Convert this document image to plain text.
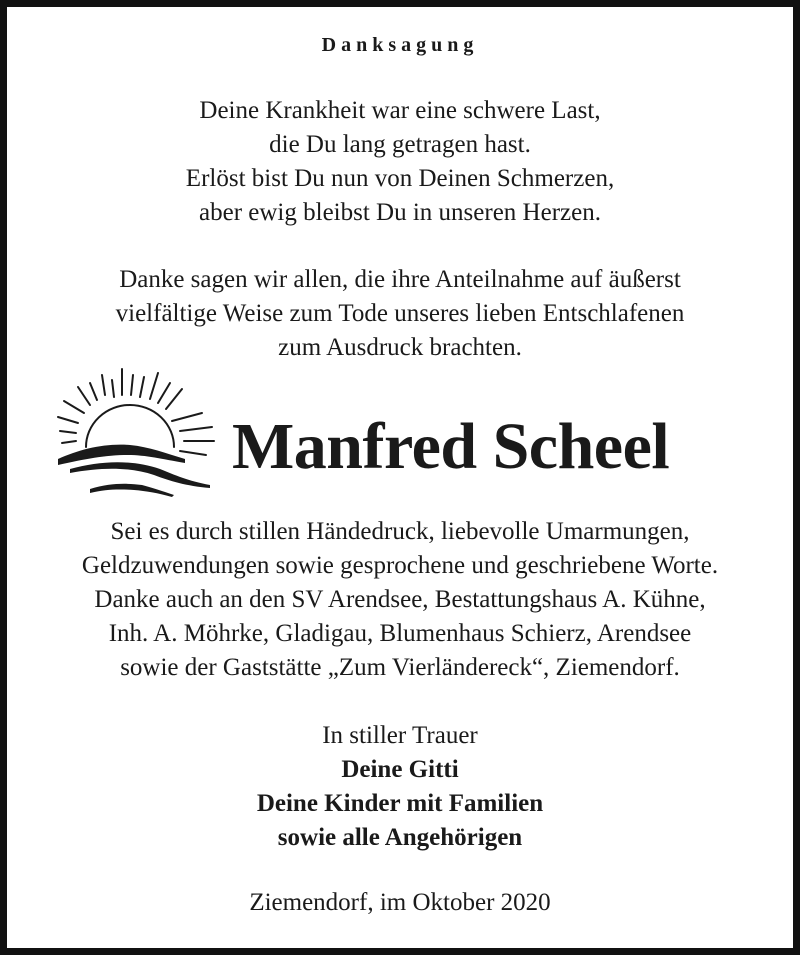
Danksagung
Deine Krankheit war eine schwere Last,
die Du lang getragen hast.
Erlöst bist Du nun von Deinen Schmerzen,
aber ewig bleibst Du in unseren Herzen.
Danke sagen wir allen, die ihre Anteilnahme auf äußerst
vielfältige Weise zum Tode unseres lieben Entschlafenen
zum Ausdruck brachten.
Manfred Scheel
Sei es durch stillen Händedruck, liebevolle Umarmungen,
Geldzuwendungen sowie gesprochene und geschriebene Worte.
Danke auch an den SV Arendsee, Bestattungshaus A. Kühne,
Inh. A. Möhrke, Gladigau, Blumenhaus Schierz, Arendsee
sowie der Gaststätte „Zum Vierländereck“, Ziemendorf.
In stiller Trauer
Deine Gitti
Deine Kinder mit Familien
sowie alle Angehörigen
Ziemendorf, im Oktober 2020
